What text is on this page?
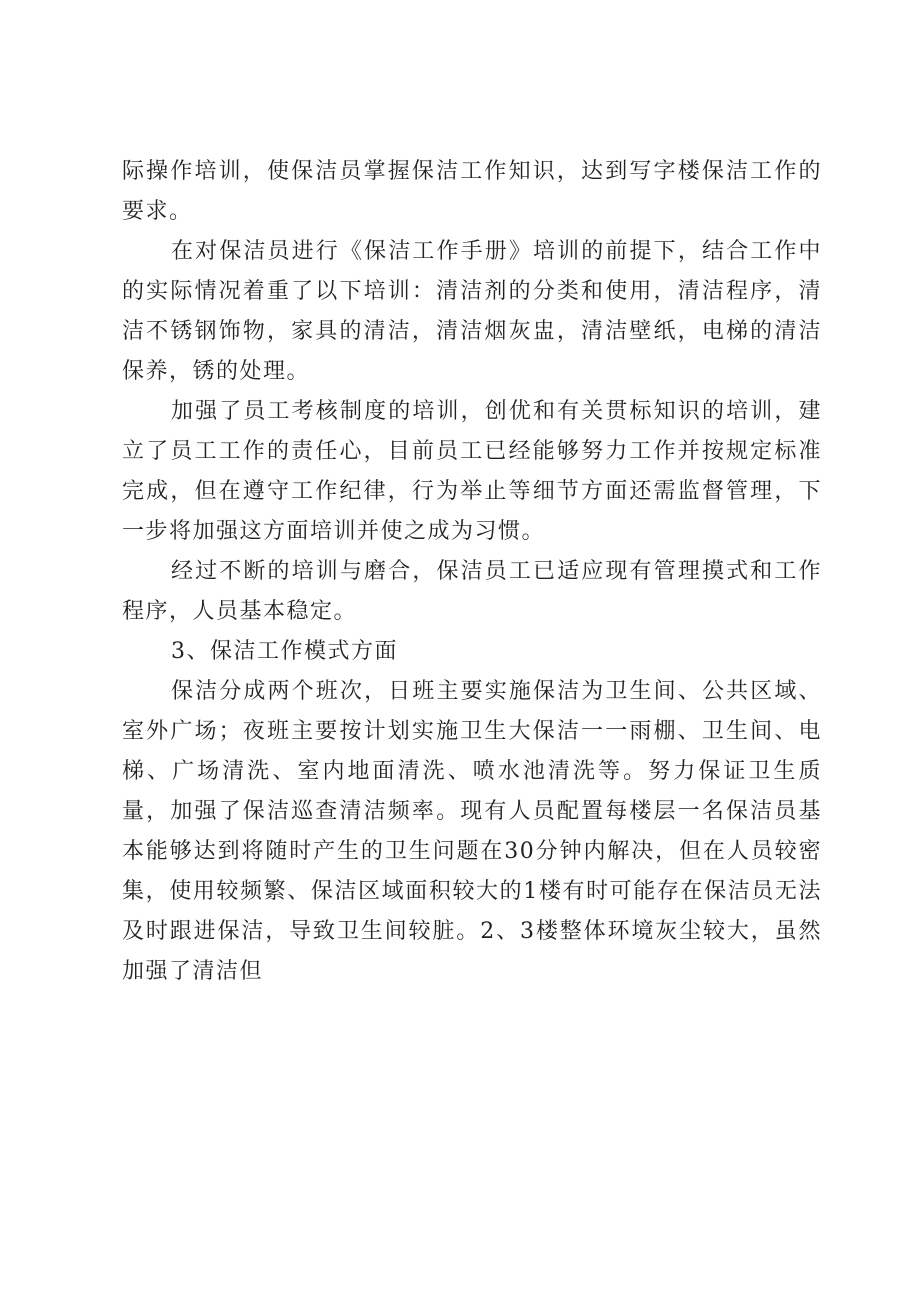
际操作培训，使保洁员掌握保洁工作知识，达到写字楼保洁工作的要求。

在对保洁员进行《保洁工作手册》培训的前提下，结合工作中的实际情况着重了以下培训：清洁剂的分类和使用，清洁程序，清洁不锈钢饰物，家具的清洁，清洁烟灰盅，清洁壁纸，电梯的清洁保养，锈的处理。

加强了员工考核制度的培训，创优和有关贯标知识的培训，建立了员工工作的责任心，目前员工已经能够努力工作并按规定标准完成，但在遵守工作纪律，行为举止等细节方面还需监督管理，下一步将加强这方面培训并使之成为习惯。

经过不断的培训与磨合，保洁员工已适应现有管理摸式和工作程序，人员基本稳定。

3、保洁工作模式方面

保洁分成两个班次，日班主要实施保洁为卫生间、公共区域、室外广场；夜班主要按计划实施卫生大保洁一一雨棚、卫生间、电梯、广场清洗、室内地面清洗、喷水池清洗等。努力保证卫生质量，加强了保洁巡查清洁频率。现有人员配置每楼层一名保洁员基本能够达到将随时产生的卫生问题在30分钟内解决，但在人员较密集，使用较频繁、保洁区域面积较大的1楼有时可能存在保洁员无法及时跟进保洁，导致卫生间较脏。2、3楼整体环境灰尘较大，虽然加强了清洁但
